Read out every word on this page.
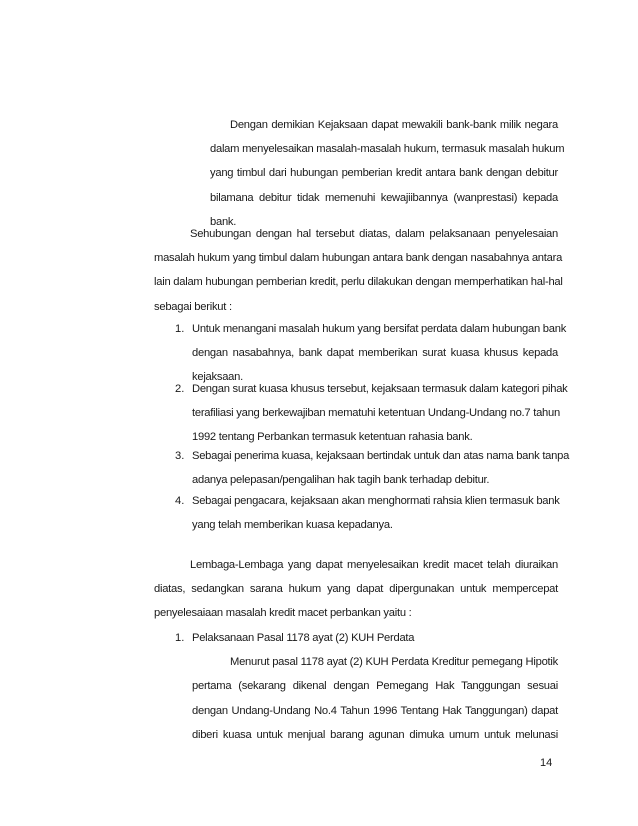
Dengan demikian Kejaksaan dapat mewakili bank-bank milik negara

dalam menyelesaikan masalah-masalah hukum, termasuk masalah hukum

yang timbul dari hubungan pemberian kredit antara bank dengan debitur

bilamana debitur tidak memenuhi kewajiibannya (wanprestasi) kepada

bank.

Sehubungan dengan hal tersebut diatas, dalam pelaksanaan penyelesaian

masalah hukum yang timbul dalam hubungan antara bank dengan nasabahnya antara

lain dalam hubungan pemberian kredit, perlu dilakukan dengan memperhatikan hal-hal

sebagai berikut :

1. Untuk menangani masalah hukum yang bersifat perdata dalam hubungan bank

dengan nasabahnya, bank dapat memberikan surat kuasa khusus kepada

kejaksaan.

2. Dengan surat kuasa khusus tersebut, kejaksaan termasuk dalam kategori pihak

terafiliasi yang berkewajiban mematuhi ketentuan Undang-Undang no.7 tahun

1992 tentang Perbankan termasuk ketentuan rahasia bank.

3. Sebagai penerima kuasa, kejaksaan bertindak untuk dan atas nama bank tanpa

adanya pelepasan/pengalihan hak tagih bank terhadap debitur.

4. Sebagai pengacara, kejaksaan akan menghormati rahsia klien termasuk bank

yang telah memberikan kuasa kepadanya.

Lembaga-Lembaga yang dapat menyelesaikan kredit macet telah diuraikan

diatas, sedangkan sarana hukum yang dapat dipergunakan untuk mempercepat

penyelesaiaan masalah kredit macet perbankan yaitu :

1. Pelaksanaan Pasal 1178 ayat (2) KUH Perdata

Menurut pasal 1178 ayat (2) KUH Perdata Kreditur pemegang Hipotik

pertama (sekarang dikenal dengan Pemegang Hak Tanggungan sesuai

dengan Undang-Undang No.4 Tahun 1996 Tentang Hak Tanggungan) dapat

diberi kuasa untuk menjual barang agunan dimuka umum untuk melunasi

14
